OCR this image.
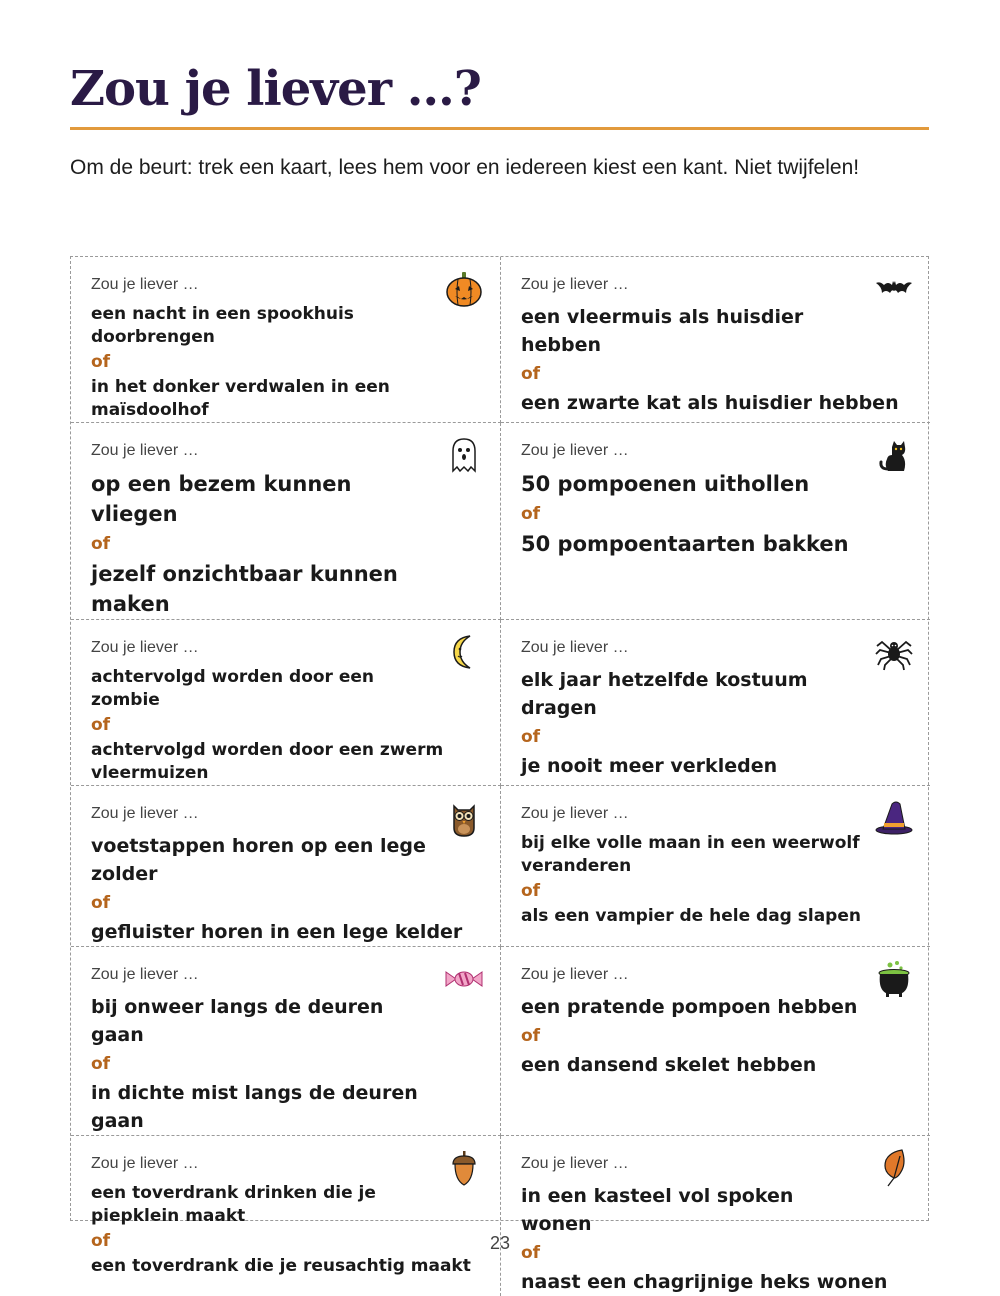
Zou je liever …?

Om de beurt: trek een kaart, lees hem voor en iedereen kiest een kant. Niet twijfelen!

Zou je liever …

een nacht in een spookhuis doorbrengen

of

in het donker verdwalen in een maïsdoolhof

Zou je liever …

een vleermuis als huisdier hebben

of

een zwarte kat als huisdier hebben

Zou je liever …

op een bezem kunnen vliegen

of

jezelf onzichtbaar kunnen maken

Zou je liever …

50 pompoenen uithollen

of

50 pompoentaarten bakken

Zou je liever …

achtervolgd worden door een zombie

of

achtervolgd worden door een zwerm vleermuizen

Zou je liever …

elk jaar hetzelfde kostuum dragen

of

je nooit meer verkleden

Zou je liever …

voetstappen horen op een lege zolder

of

gefluister horen in een lege kelder

Zou je liever …

bij elke volle maan in een weerwolf veranderen

of

als een vampier de hele dag slapen

Zou je liever …

bij onweer langs de deuren gaan

of

in dichte mist langs de deuren gaan

Zou je liever …

een pratende pompoen hebben

of

een dansend skelet hebben

Zou je liever …

een toverdrank drinken die je piepklein maakt

of

een toverdrank die je reusachtig maakt

Zou je liever …

in een kasteel vol spoken wonen

of

naast een chagrijnige heks wonen

23
